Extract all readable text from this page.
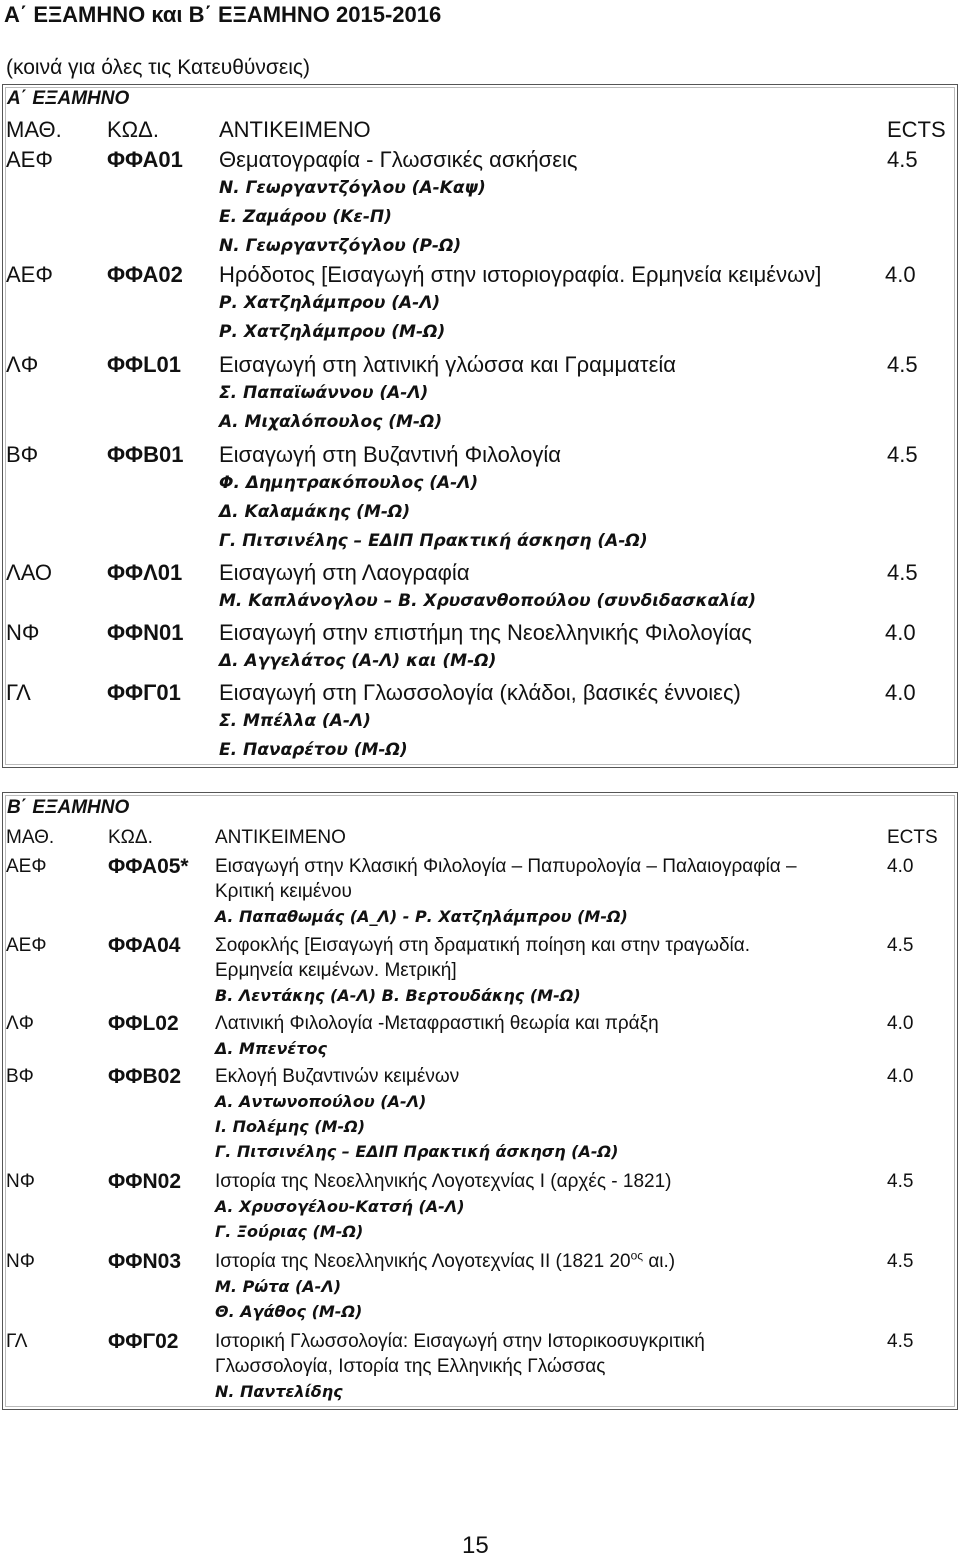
Α΄ ΕΞΑΜΗΝΟ και Β΄ ΕΞΑΜΗΝΟ 2015-2016
(κοινά για όλες τις Κατευθύνσεις)
Α΄ ΕΞΑΜΗΝΟ
ΜΑΘ. ΚΩΔ.	ΑΝΤΙΚΕΙΜΕΝΟ	ECTS
ΑΕΦ ΦΦΑ01 Θεματογραφία - Γλωσσικές ασκήσεις
Ν. Γεωργαντζόγλου (Α-Καψ)
Ε. Ζαμάρου (Κε-Π)
Ν. Γεωργαντζόγλου (Ρ-Ω)
4.5
ΑΕΦ ΦΦΑ02 Ηρόδοτος [Εισαγωγή στην ιστοριογραφία. Ερμηνεία κειμένων]
Ρ. Χατζηλάμπρου (Α-Λ)
Ρ. Χατζηλάμπρου (Μ-Ω)
4.0
ΛΦ	ΦΦL01 Εισαγωγή στη λατινική γλώσσα και Γραμματεία
Σ. Παπαϊωάννου (Α-Λ)
Α. Μιχαλόπουλος (Μ-Ω)
4.5
ΒΦ	ΦΦΒ01 Εισαγωγή στη Βυζαντινή Φιλολογία
Φ. Δημητρακόπουλος (Α-Λ)
Δ. Καλαμάκης (Μ-Ω)
Γ. Πιτσινέλης – ΕΔΙΠ Πρακτική άσκηση (Α-Ω)
4.5
ΛΑΟ ΦΦΛ01 Εισαγωγή στη Λαογραφία
Μ. Καπλάνογλου – Β. Χρυσανθοπούλου (συνδιδασκαλία)
4.5
ΝΦ	ΦΦΝ01 Εισαγωγή στην επιστήμη της Νεοελληνικής Φιλολογίας
Δ. Αγγελάτος (Α-Λ) και (Μ-Ω)
4.0
ΓΛ	ΦΦΓ01 Εισαγωγή στη Γλωσσολογία (κλάδοι, βασικές έννοιες)
Σ. Μπέλλα (Α-Λ)
Ε. Παναρέτου (Μ-Ω)
4.0
Β΄ ΕΞΑΜΗΝΟ
ΜΑΘ.	ΚΩΔ.	ΑΝΤΙΚΕΙΜΕΝΟ	ECTS
ΑΕΦ	ΦΦΑ05* Εισαγωγή στην Κλασική Φιλολογία – Παπυρολογία – Παλαιογραφία –
Κριτική κειμένου
Α. Παπαθωμάς (Α_Λ) - Ρ. Χατζηλάμπρου (Μ-Ω)
4.0
ΑΕΦ	ΦΦΑ04 Σοφοκλής [Εισαγωγή στη δραματική ποίηση και στην τραγωδία.
Ερμηνεία κειμένων. Μετρική]
Β. Λεντάκης (Α-Λ) Β. Βερτουδάκης (Μ-Ω)
4.5
ΛΦ	ΦΦL02 Λατινική Φιλολογία -Μεταφραστική θεωρία και πράξη
Δ. Μπενέτος
4.0
ΒΦ	ΦΦΒ02 Εκλογή Βυζαντινών κειμένων
Α. Αντωνοπούλου (Α-Λ)
Ι. Πολέμης (Μ-Ω)
Γ. Πιτσινέλης – ΕΔΙΠ Πρακτική άσκηση (Α-Ω)
4.0
ΝΦ	ΦΦΝ02 Ιστορία της Νεοελληνικής Λογοτεχνίας Ι (αρχές - 1821)
Α. Χρυσογέλου-Κατσή (Α-Λ)
Γ. Ξούριας (Μ-Ω)
4.5
ΝΦ	ΦΦΝ03 Ιστορία της Νεοελληνικής Λογοτεχνίας ΙΙ (1821 $20^{o\varsigma}$ αι.)
Μ. Ρώτα (Α-Λ)
Θ. Αγάθος (Μ-Ω)
4.5
ΓΛ	ΦΦΓ02 Ιστορική Γλωσσολογία: Εισαγωγή στην Ιστορικοσυγκριτική
Γλωσσολογία, Ιστορία της Ελληνικής Γλώσσας
Ν. Παντελίδης
4.5
15
